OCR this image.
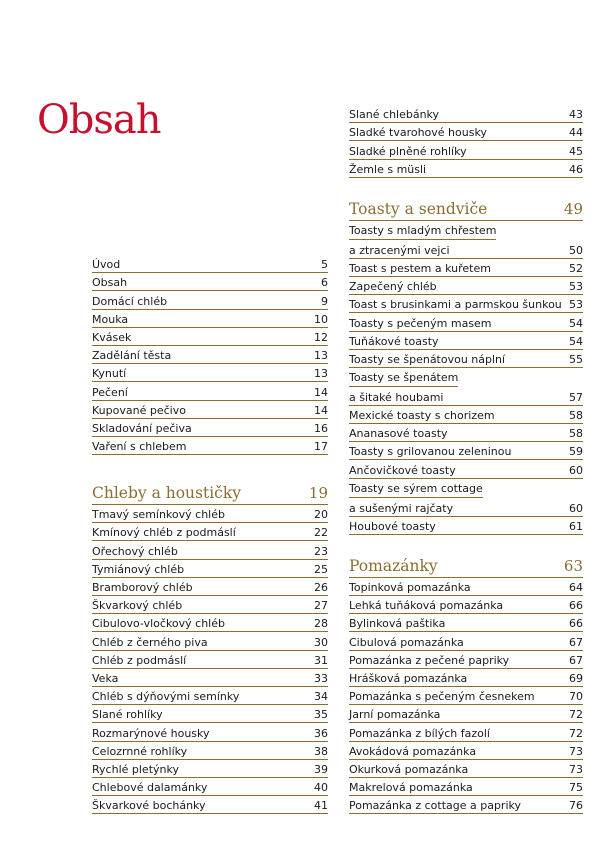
Obsah
Úvod	5
Obsah	6
Domácí chléb	9
Mouka	10
Kvásek	12
Zadělání těsta	13
Kynutí	13
Pečení	14
Kupované pečivo	14
Skladování pečiva	16
Vaření s chlebem	17
Chleby a houstičky	19
Tmavý semínkový chléb	20
Kmínový chléb z podmáslí	22
Ořechový chléb	23
Tymiánový chléb	25
Bramborový chléb	26
Škvarkový chléb	27
Cibulovo-vločkový chléb	28
Chléb z černého piva	30
Chléb z podmáslí	31
Veka	33
Chléb s dýňovými semínky	34
Slané rohlíky	35
Rozmarýnové housky	36
Celozrnné rohlíky	38
Rychlé pletýnky	39
Chlebové dalamánky	40
Škvarkové bochánky	41
Slané chlebánky	43
Sladké tvarohové housky	44
Sladké plněné rohlíky	45
Žemle s müsli	46
Toasty a sendviče	49
Toasty s mladým chřestem
a ztracenými vejci	50
Toast s pestem a kuřetem	52
Zapečený chléb	53
Toast s brusinkami a parmskou šunkou 53
Toasty s pečeným masem	54
Tuňákové toasty	54
Toasty se špenátovou náplní	55
Toasty se špenátem
a šitaké houbami	57
Mexické toasty s chorizem	58
Ananasové toasty	58
Toasty s grilovanou zeleninou	59
Ančovičkové toasty	60
Toasty se sýrem cottage
a sušenými rajčaty	60
Houbové toasty	61
Pomazánky	63
Topinková pomazánka	64
Lehká tuňáková pomazánka	66
Bylinková paštika	66
Cibulová pomazánka	67
Pomazánka z pečené papriky	67
Hrášková pomazánka	69
Pomazánka s pečeným česnekem	70
Jarní pomazánka	72
Pomazánka z bílých fazolí	72
Avokádová pomazánka	73
Okurková pomazánka	73
Makrelová pomazánka	75
Pomazánka z cottage a papriky	76
